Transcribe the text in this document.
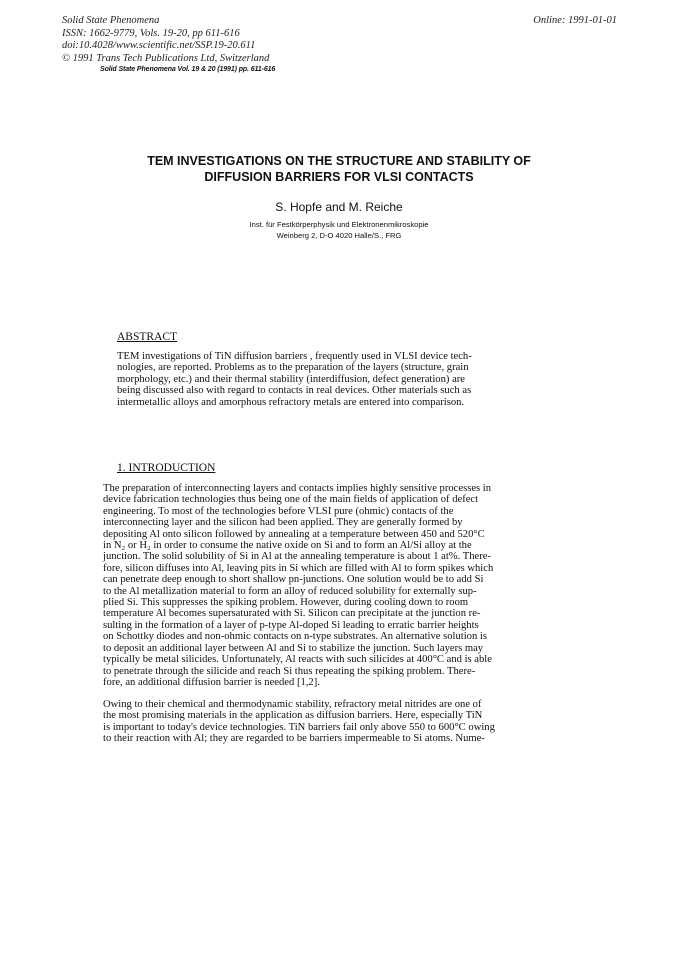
Solid State Phenomena
ISSN: 1662-9779, Vols. 19-20, pp 611-616
doi:10.4028/www.scientific.net/SSP.19-20.611
© 1991 Trans Tech Publications Ltd, Switzerland
Online: 1991-01-01
Solid State Phenomena Vol. 19 & 20 (1991) pp. 611-616
TEM INVESTIGATIONS ON THE STRUCTURE AND STABILITY OF
DIFFUSION BARRIERS FOR VLSI CONTACTS
S. Hopfe and M. Reiche
Inst. für Festkörperphysik und Elektronenmikroskopie
Weinberg 2, D-O 4020 Halle/S., FRG
ABSTRACT
TEM investigations of TiN diffusion barriers , frequently used in VLSI device tech-
nologies, are reported. Problems as to the preparation of the layers (structure, grain
morphology, etc.) and their thermal stability (interdiffusion, defect generation) are
being discussed also with regard to contacts in real devices. Other materials such as
intermetallic alloys and amorphous refractory metals are entered into comparison.
1. INTRODUCTION
The preparation of interconnecting layers and contacts implies highly sensitive processes in
device fabrication technologies thus being one of the main fields of application of defect
engineering. To most of the technologies before VLSI pure (ohmic) contacts of the
interconnecting layer and the silicon had been applied. They are generally formed by
depositing Al onto silicon followed by annealing at a temperature between 450 and 520°C
in N₂ or H₂ in order to consume the native oxide on Si and to form an Al/Si alloy at the
junction. The solid solubility of Si in Al at the annealing temperature is about 1 at%. There-
fore, silicon diffuses into Al, leaving pits in Si which are filled with Al to form spikes which
can penetrate deep enough to short shallow pn-junctions. One solution would be to add Si
to the Al metallization material to form an alloy of reduced solubility for externally sup-
plied Si. This suppresses the spiking problem. However, during cooling down to room
temperature Al becomes supersaturated with Si. Silicon can precipitate at the junction re-
sulting in the formation of a layer of p-type Al-doped Si leading to erratic barrier heights
on Schottky diodes and non-ohmic contacts on n-type substrates. An alternative solution is
to deposit an additional layer between Al and Si to stabilize the junction. Such layers may
typically be metal silicides. Unfortunately, Al reacts with such silicides at 400°C and is able
to penetrate through the silicide and reach Si thus repeating the spiking problem. There-
fore, an additional diffusion barrier is needed [1,2].
Owing to their chemical and thermodynamic stability, refractory metal nitrides are one of
the most promising materials in the application as diffusion barriers. Here, especially TiN
is important to today's device technologies. TiN barriers fail only above 550 to 600°C owing
to their reaction with Al; they are regarded to be barriers impermeable to Si atoms. Nume-
